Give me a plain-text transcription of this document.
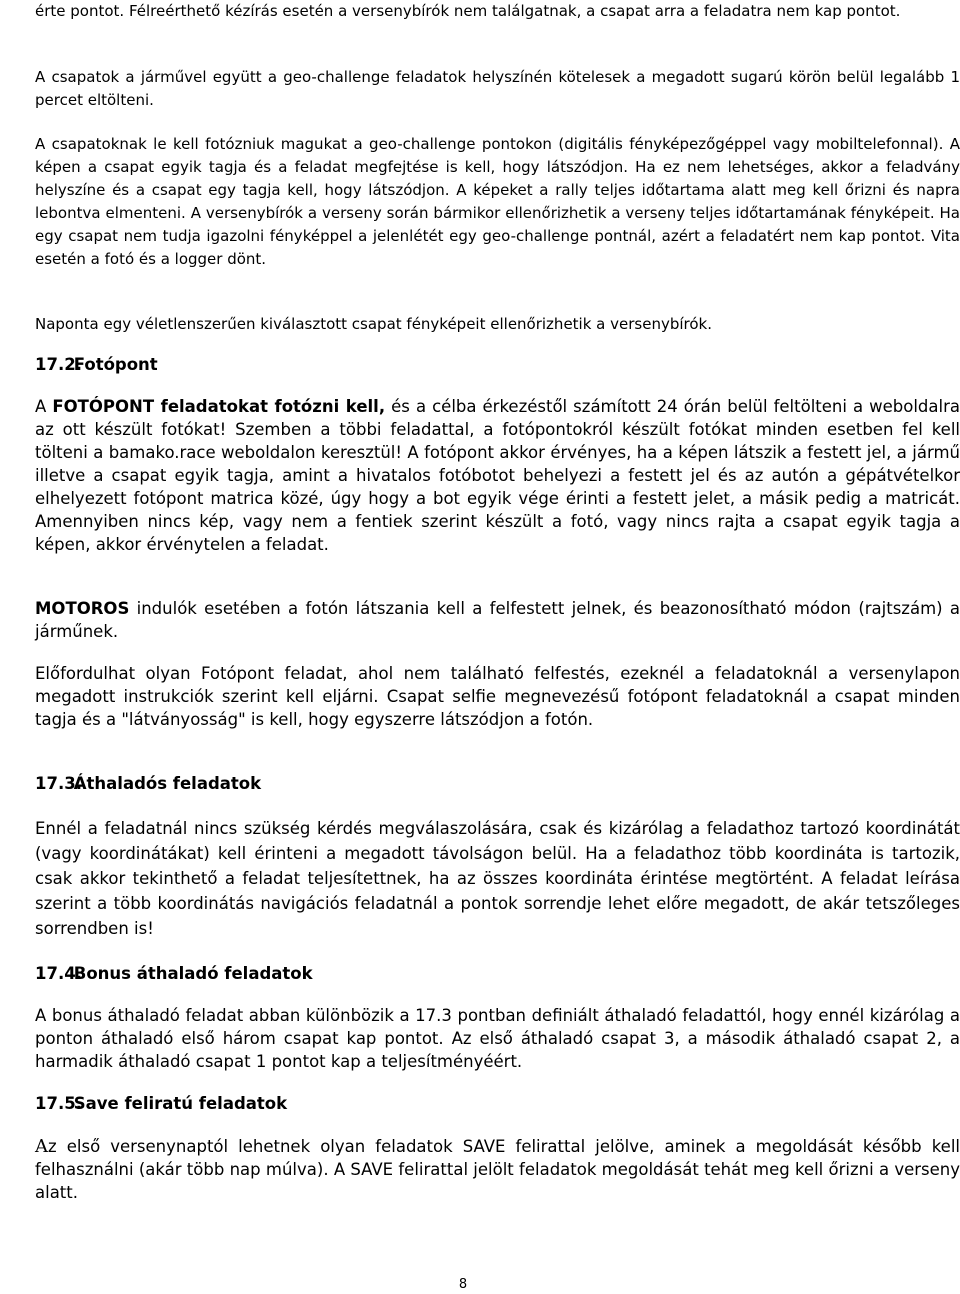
érte pontot. Félreérthető kézírás esetén a versenybírók nem találgatnak, a csapat arra a feladatra nem kap pontot.

A csapatok a járművel együtt a geo-challenge feladatok helyszínén kötelesek a megadott sugarú körön belül legalább 1 percet eltölteni.

A csapatoknak le kell fotózniuk magukat a geo-challenge pontokon (digitális fényképezőgéppel vagy mobiltelefonnal). A képen a csapat egyik tagja és a feladat megfejtése is kell, hogy látszódjon. Ha ez nem lehetséges, akkor a feladvány helyszíne és a csapat egy tagja kell, hogy látszódjon. A képeket a rally teljes időtartama alatt meg kell őrizni és napra lebontva elmenteni. A versenybírók a verseny során bármikor ellenőrizhetik a verseny teljes időtartamának fényképeit. Ha egy csapat nem tudja igazolni fényképpel a jelenlétét egy geo-challenge pontnál, azért a feladatért nem kap pontot. Vita esetén a fotó és a logger dönt.

Naponta egy véletlenszerűen kiválasztott csapat fényképeit ellenőrizhetik a versenybírók.

17.2. Fotópont

A FOTÓPONT feladatokat fotózni kell, és a célba érkezéstől számított 24 órán belül feltölteni a weboldalra az ott készült fotókat! Szemben a többi feladattal, a fotópontokról készült fotókat minden esetben fel kell tölteni a bamako.race weboldalon keresztül! A fotópont akkor érvényes, ha a képen látszik a festett jel, a jármű illetve a csapat egyik tagja, amint a hivatalos fotóbotot behelyezi a festett jel és az autón a gépátvételkor elhelyezett fotópont matrica közé, úgy hogy a bot egyik vége érinti a festett jelet, a másik pedig a matricát. Amennyiben nincs kép, vagy nem a fentiek szerint készült a fotó, vagy nincs rajta a csapat egyik tagja a képen, akkor érvénytelen a feladat.

MOTOROS indulók esetében a fotón látszania kell a felfestett jelnek, és beazonosítható módon (rajtszám) a járműnek.

Előfordulhat olyan Fotópont feladat, ahol nem található felfestés, ezeknél a feladatoknál a versenylapon megadott instrukciók szerint kell eljárni. Csapat selfie megnevezésű fotópont feladatoknál a csapat minden tagja és a "látványosság" is kell, hogy egyszerre látszódjon a fotón.

17.3. Áthaladós feladatok

Ennél a feladatnál nincs szükség kérdés megválaszolására, csak és kizárólag a feladathoz tartozó koordinátát (vagy koordinátákat) kell érinteni a megadott távolságon belül. Ha a feladathoz több koordináta is tartozik, csak akkor tekinthető a feladat teljesítettnek, ha az összes koordináta érintése megtörtént. A feladat leírása szerint a több koordinátás navigációs feladatnál a pontok sorrendje lehet előre megadott, de akár tetszőleges sorrendben is!

17.4. Bonus áthaladó feladatok

A bonus áthaladó feladat abban különbözik a 17.3 pontban definiált áthaladó feladattól, hogy ennél kizárólag a ponton áthaladó első három csapat kap pontot. Az első áthaladó csapat 3, a második áthaladó csapat 2, a harmadik áthaladó csapat 1 pontot kap a teljesítményéért.

17.5. Save feliratú feladatok

Az első versenynaptól lehetnek olyan feladatok SAVE felirattal jelölve, aminek a megoldását később kell felhasználni (akár több nap múlva). A SAVE felirattal jelölt feladatok megoldását tehát meg kell őrizni a verseny alatt.

8
